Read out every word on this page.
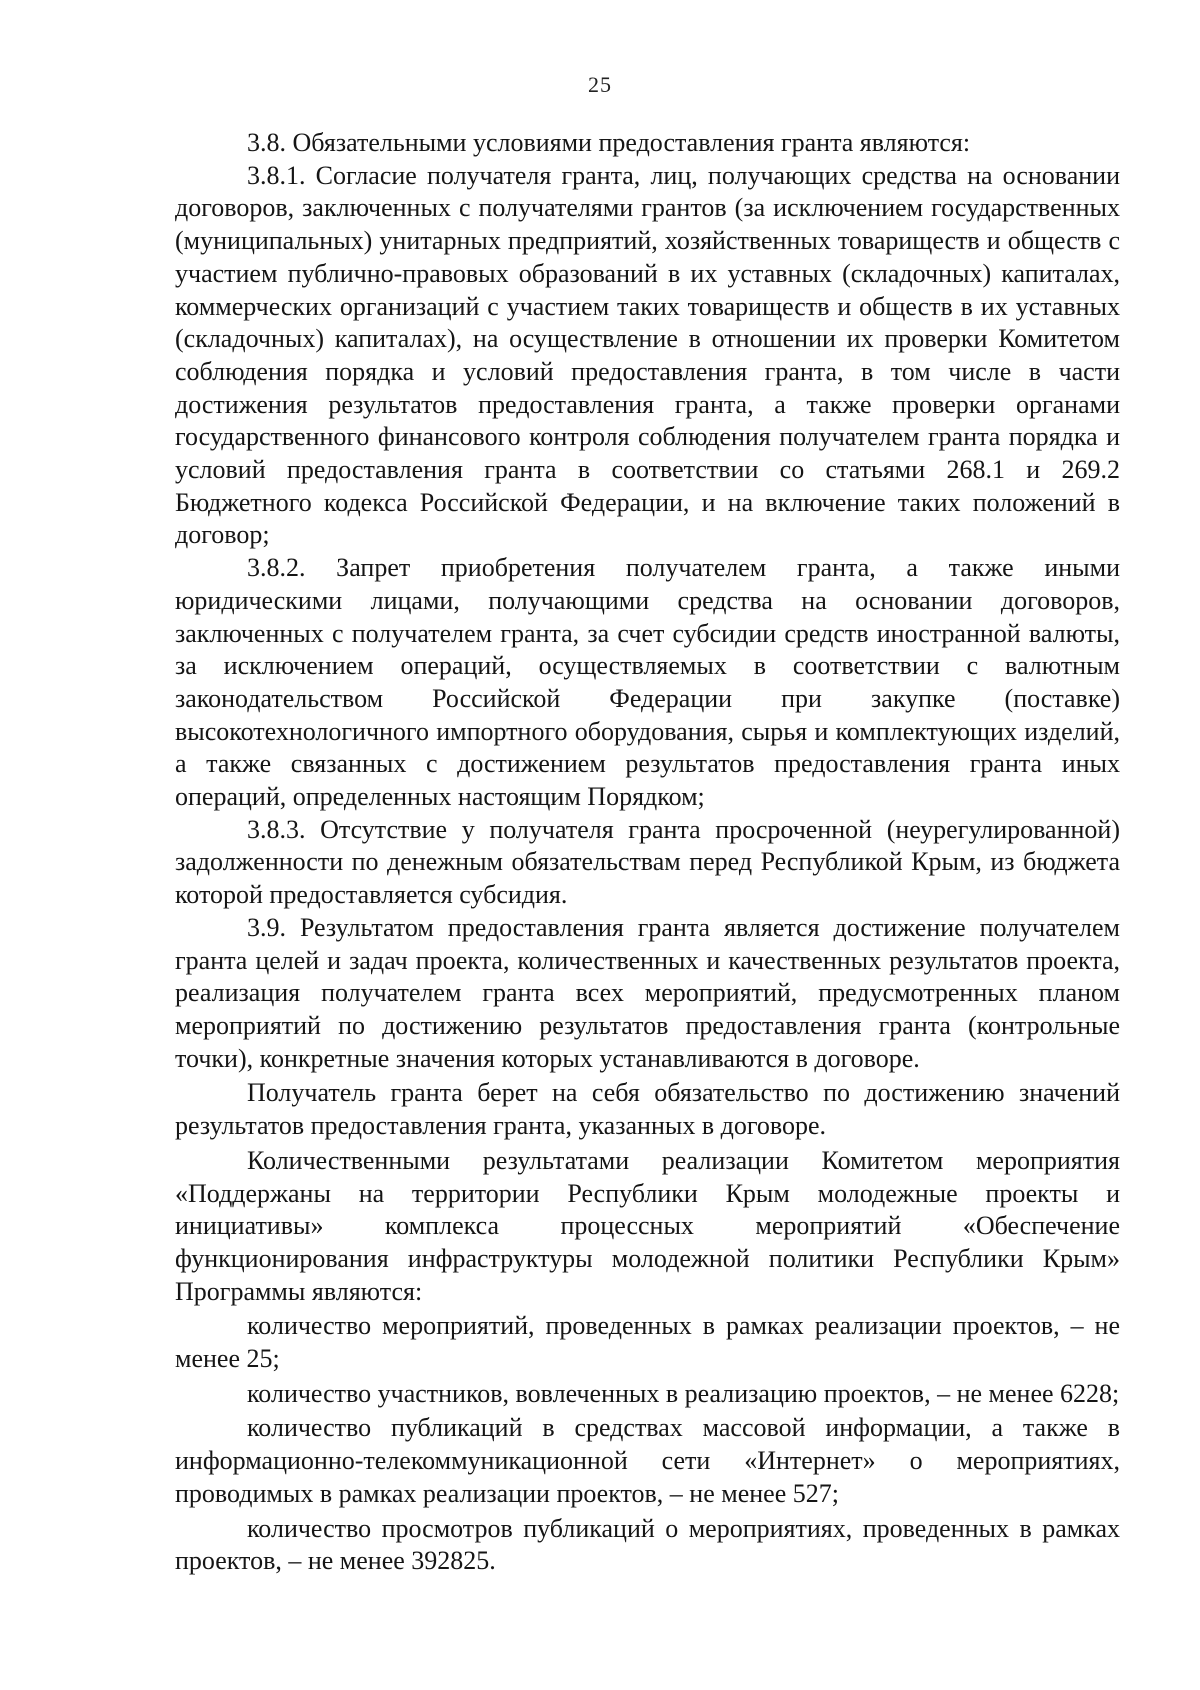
25

3.8. Обязательными условиями предоставления гранта являются:

3.8.1. Согласие получателя гранта, лиц, получающих средства на основании договоров, заключенных с получателями грантов (за исключением государственных (муниципальных) унитарных предприятий, хозяйственных товариществ и обществ с участием публично-правовых образований в их уставных (складочных) капиталах, коммерческих организаций с участием таких товариществ и обществ в их уставных (складочных) капиталах), на осуществление в отношении их проверки Комитетом соблюдения порядка и условий предоставления гранта, в том числе в части достижения результатов предоставления гранта, а также проверки органами государственного финансового контроля соблюдения получателем гранта порядка и условий предоставления гранта в соответствии со статьями 268.1 и 269.2 Бюджетного кодекса Российской Федерации, и на включение таких положений в договор;

3.8.2. Запрет приобретения получателем гранта, а также иными юридическими лицами, получающими средства на основании договоров, заключенных с получателем гранта, за счет субсидии средств иностранной валюты, за исключением операций, осуществляемых в соответствии с валютным законодательством Российской Федерации при закупке (поставке) высокотехнологичного импортного оборудования, сырья и комплектующих изделий, а также связанных с достижением результатов предоставления гранта иных операций, определенных настоящим Порядком;

3.8.3. Отсутствие у получателя гранта просроченной (неурегулированной) задолженности по денежным обязательствам перед Республикой Крым, из бюджета которой предоставляется субсидия.

3.9. Результатом предоставления гранта является достижение получателем гранта целей и задач проекта, количественных и качественных результатов проекта, реализация получателем гранта всех мероприятий, предусмотренных планом мероприятий по достижению результатов предоставления гранта (контрольные точки), конкретные значения которых устанавливаются в договоре.

Получатель гранта берет на себя обязательство по достижению значений результатов предоставления гранта, указанных в договоре.

Количественными результатами реализации Комитетом мероприятия «Поддержаны на территории Республики Крым молодежные проекты и инициативы» комплекса процессных мероприятий «Обеспечение функционирования инфраструктуры молодежной политики Республики Крым» Программы являются:

количество мероприятий, проведенных в рамках реализации проектов, – не менее 25;

количество участников, вовлеченных в реализацию проектов, – не менее 6228;

количество публикаций в средствах массовой информации, а также в информационно-телекоммуникационной сети «Интернет» о мероприятиях, проводимых в рамках реализации проектов, – не менее 527;

количество просмотров публикаций о мероприятиях, проведенных в рамках проектов, – не менее 392825.
